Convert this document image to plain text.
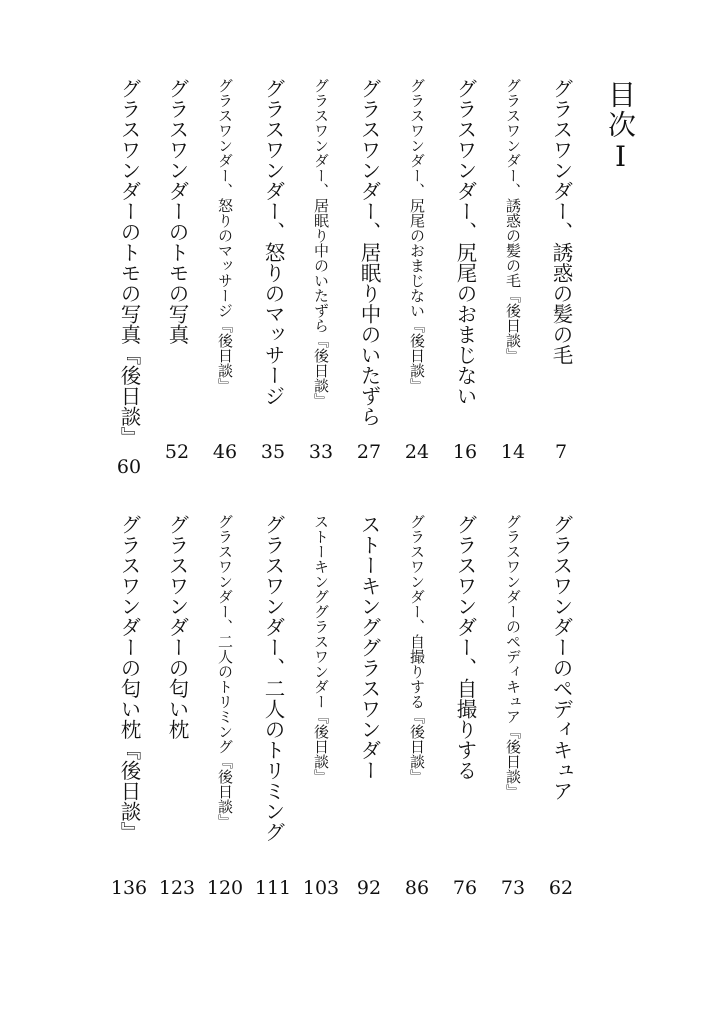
目次Ⅰ
グラスワンダー、誘惑の髪の毛
7
グラスワンダー、誘惑の髪の毛『後日談』
14
グラスワンダー、尻尾のおまじない
16
グラスワンダー、尻尾のおまじない『後日談』
24
グラスワンダー、居眠り中のいたずら
27
グラスワンダー、居眠り中のいたずら『後日談』
33
グラスワンダー、怒りのマッサージ
35
グラスワンダー、怒りのマッサージ『後日談』
46
グラスワンダーのトモの写真
52
グラスワンダーのトモの写真『後日談』
60
グラスワンダーのペディキュア
62
グラスワンダーのペディキュア『後日談』
73
グラスワンダー、自撮りする
76
グラスワンダー、自撮りする『後日談』
86
ストーキンググラスワンダー
92
ストーキンググラスワンダー『後日談』
103
グラスワンダー、二人のトリミング
111
グラスワンダー、二人のトリミング『後日談』
120
グラスワンダーの匂い枕
123
グラスワンダーの匂い枕『後日談』
136
